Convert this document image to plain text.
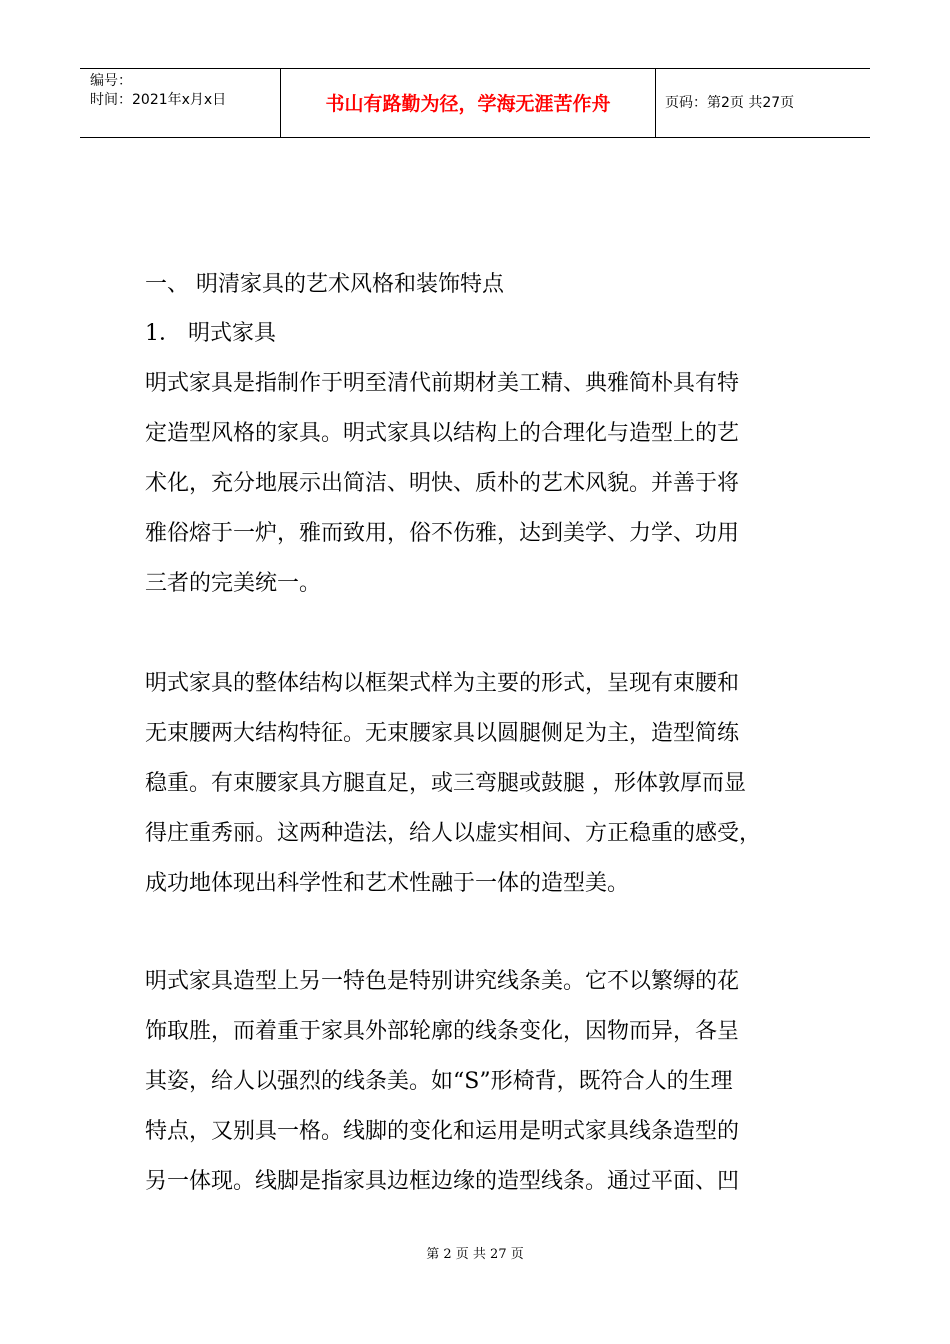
编号：
时间：2021年x月x日	书山有路勤为径，学海无涯苦作舟	页码：第2页 共27页
一、 明清家具的艺术风格和装饰特点
1． 明式家具
明式家具是指制作于明至清代前期材美工精、典雅简朴具有特
定造型风格的家具。明式家具以结构上的合理化与造型上的艺
术化，充分地展示出简洁、明快、质朴的艺术风貌。并善于将
雅俗熔于一炉，雅而致用，俗不伤雅，达到美学、力学、功用
三者的完美统一。
明式家具的整体结构以框架式样为主要的形式，呈现有束腰和
无束腰两大结构特征。无束腰家具以圆腿侧足为主，造型简练
稳重。有束腰家具方腿直足，或三弯腿或鼓腿 ，形体敦厚而显
得庄重秀丽。这两种造法，给人以虚实相间、方正稳重的感受，
成功地体现出科学性和艺术性融于一体的造型美。
明式家具造型上另一特色是特别讲究线条美。它不以繁缛的花
饰取胜，而着重于家具外部轮廓的线条变化，因物而异，各呈
其姿，给人以强烈的线条美。如“S”形椅背，既符合人的生理
特点，又别具一格。线脚的变化和运用是明式家具线条造型的
另一体现。线脚是指家具边框边缘的造型线条。通过平面、凹
第 2 页 共 27 页
